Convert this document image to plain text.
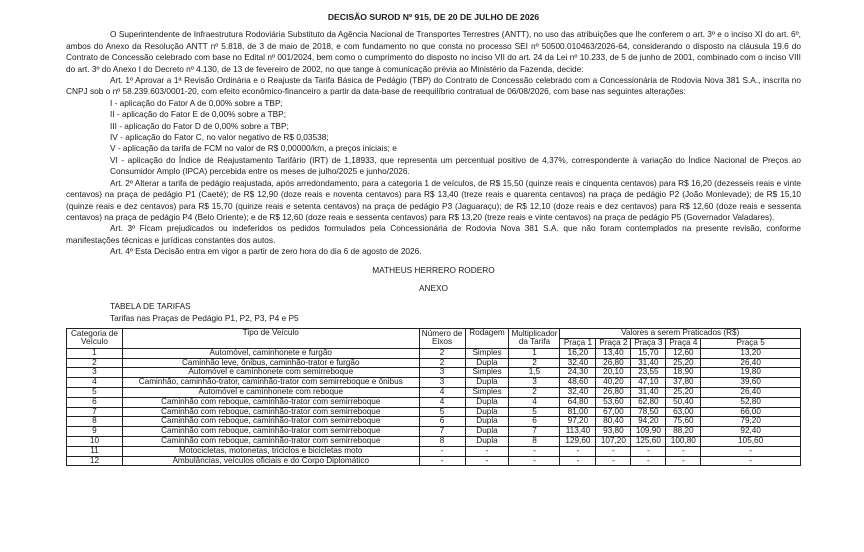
DECISÃO SUROD Nº 915, DE 20 DE JULHO DE 2026

O Superintendente de Infraestrutura Rodoviária Substituto da Agência Nacional de Transportes Terrestres (ANTT), no uso das atribuições que lhe conferem o art. 3º e o inciso XI do art. 6º, ambos do Anexo da Resolução ANTT nº 5.818, de 3 de maio de 2018, e com fundamento no que consta no processo SEI nº 50500.010463/2026-64, considerando o disposto na cláusula 19.6 do Contrato de Concessão celebrado com base no Edital nº 001/2024, bem como o cumprimento do disposto no inciso VII do art. 24 da Lei nº 10.233, de 5 de junho de 2001, combinado com o inciso VIII do art. 3º do Anexo I do Decreto nº 4.130, de 13 de fevereiro de 2002, no que tange à comunicação prévia ao Ministério da Fazenda, decide:

Art. 1º Aprovar a 1ª Revisão Ordinária e o Reajuste da Tarifa Básica de Pedágio (TBP) do Contrato de Concessão celebrado com a Concessionária de Rodovia Nova 381 S.A., inscrita no CNPJ sob o nº 58.239.603/0001-20, com efeito econômico-financeiro a partir da data-base de reequilíbrio contratual de 06/08/2026, com base nas seguintes alterações:

I - aplicação do Fator A de 0,00% sobre a TBP;

II - aplicação do Fator E de 0,00% sobre a TBP;

III - aplicação do Fator D de 0,00% sobre a TBP;

IV - aplicação do Fator C, no valor negativo de R$ 0,03538;

V - aplicação da tarifa de FCM no valor de R$ 0,00000/km, a preços iniciais; e

VI - aplicação do Índice de Reajustamento Tarifário (IRT) de 1,18933, que representa um percentual positivo de 4,37%, correspondente à variação do Índice Nacional de Preços ao Consumidor Amplo (IPCA) percebida entre os meses de julho/2025 e junho/2026.

Art. 2º Alterar a tarifa de pedágio reajustada, após arredondamento, para a categoria 1 de veículos, de R$ 15,50 (quinze reais e cinquenta centavos) para R$ 16,20 (dezesseis reais e vinte centavos) na praça de pedágio P1 (Caeté); de R$ 12,90 (doze reais e noventa centavos) para R$ 13,40 (treze reais e quarenta centavos) na praça de pedágio P2 (João Monlevade); de R$ 15,10 (quinze reais e dez centavos) para R$ 15,70 (quinze reais e setenta centavos) na praça de pedágio P3 (Jaguaraçu); de R$ 12,10 (doze reais e dez centavos) para R$ 12,60 (doze reais e sessenta centavos) na praça de pedágio P4 (Belo Oriente); e de R$ 12,60 (doze reais e sessenta centavos) para R$ 13,20 (treze reais e vinte centavos) na praça de pedágio P5 (Governador Valadares).

Art. 3º Ficam prejudicados ou indeferidos os pedidos formulados pela Concessionária de Rodovia Nova 381 S.A. que não foram contemplados na presente revisão, conforme manifestações técnicas e jurídicas constantes dos autos.

Art. 4º Esta Decisão entra em vigor a partir de zero hora do dia 6 de agosto de 2026.

MATHEUS HERRERO RODERO
ANEXO
TABELA DE TARIFAS
Tarifas nas Praças de Pedágio P1, P2, P3, P4 e P5
Categoria de Veículo	Tipo de Veículo	Número de Eixos	Rodagem	Multiplicador da Tarifa	Valores a serem Praticados (R$)				
					Praça 1	Praça 2	Praça 3	Praça 4	Praça 5
1	Automóvel, caminhonete e furgão	2	Simples	1	16,20	13,40	15,70	12,60	13,20
2	Caminhão leve, ônibus, caminhão-trator e furgão	2	Dupla	2	32,40	26,80	31,40	25,20	26,40
3	Automóvel e caminhonete com semirreboque	3	Simples	1,5	24,30	20,10	23,55	18,90	19,80
4	Caminhão, caminhão-trator, caminhão-trator com semirreboque e ônibus	3	Dupla	3	48,60	40,20	47,10	37,80	39,60
5	Automóvel e caminhonete com reboque	4	Simples	2	32,40	26,80	31,40	25,20	26,40
6	Caminhão com reboque, caminhão-trator com semirreboque	4	Dupla	4	64,80	53,60	62,80	50,40	52,80
7	Caminhão com reboque, caminhão-trator com semirreboque	5	Dupla	5	81,00	67,00	78,50	63,00	66,00
8	Caminhão com reboque, caminhão-trator com semirreboque	6	Dupla	6	97,20	80,40	94,20	75,60	79,20
9	Caminhão com reboque, caminhão-trator com semirreboque	7	Dupla	7	113,40	93,80	109,90	88,20	92,40
10	Caminhão com reboque, caminhão-trator com semirreboque	8	Dupla	8	129,60	107,20	125,60	100,80	105,60
11	Motocicletas, motonetas, triciclos e bicicletas moto	-	-	-	-	-	-	-	-
12	Ambulâncias, veículos oficiais e do Corpo Diplomático	-	-	-	-	-	-	-	-
